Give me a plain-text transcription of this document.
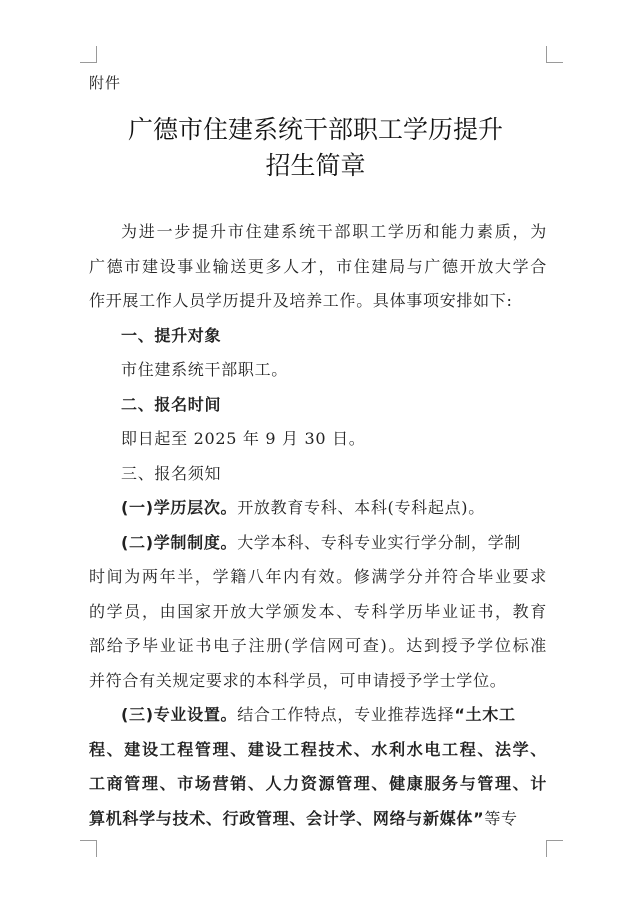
附件
广德市住建系统干部职工学历提升
招生简章
为进一步提升市住建系统干部职工学历和能力素质，为
广德市建设事业输送更多人才，市住建局与广德开放大学合
作开展工作人员学历提升及培养工作。具体事项安排如下:
一、提升对象
市住建系统干部职工。
二、报名时间
即日起至 2025 年 9 月 30 日。
三、报名须知
(一)学历层次。开放教育专科、本科(专科起点)。
(二)学制制度。大学本科、专科专业实行学分制，学制
时间为两年半，学籍八年内有效。修满学分并符合毕业要求
的学员，由国家开放大学颁发本、专科学历毕业证书，教育
部给予毕业证书电子注册(学信网可查)。达到授予学位标准
并符合有关规定要求的本科学员，可申请授予学士学位。
(三)专业设置。结合工作特点，专业推荐选择“土木工
程、建设工程管理、建设工程技术、水利水电工程、法学、
工商管理、市场营销、人力资源管理、健康服务与管理、计
算机科学与技术、行政管理、会计学、网络与新媒体”等专
